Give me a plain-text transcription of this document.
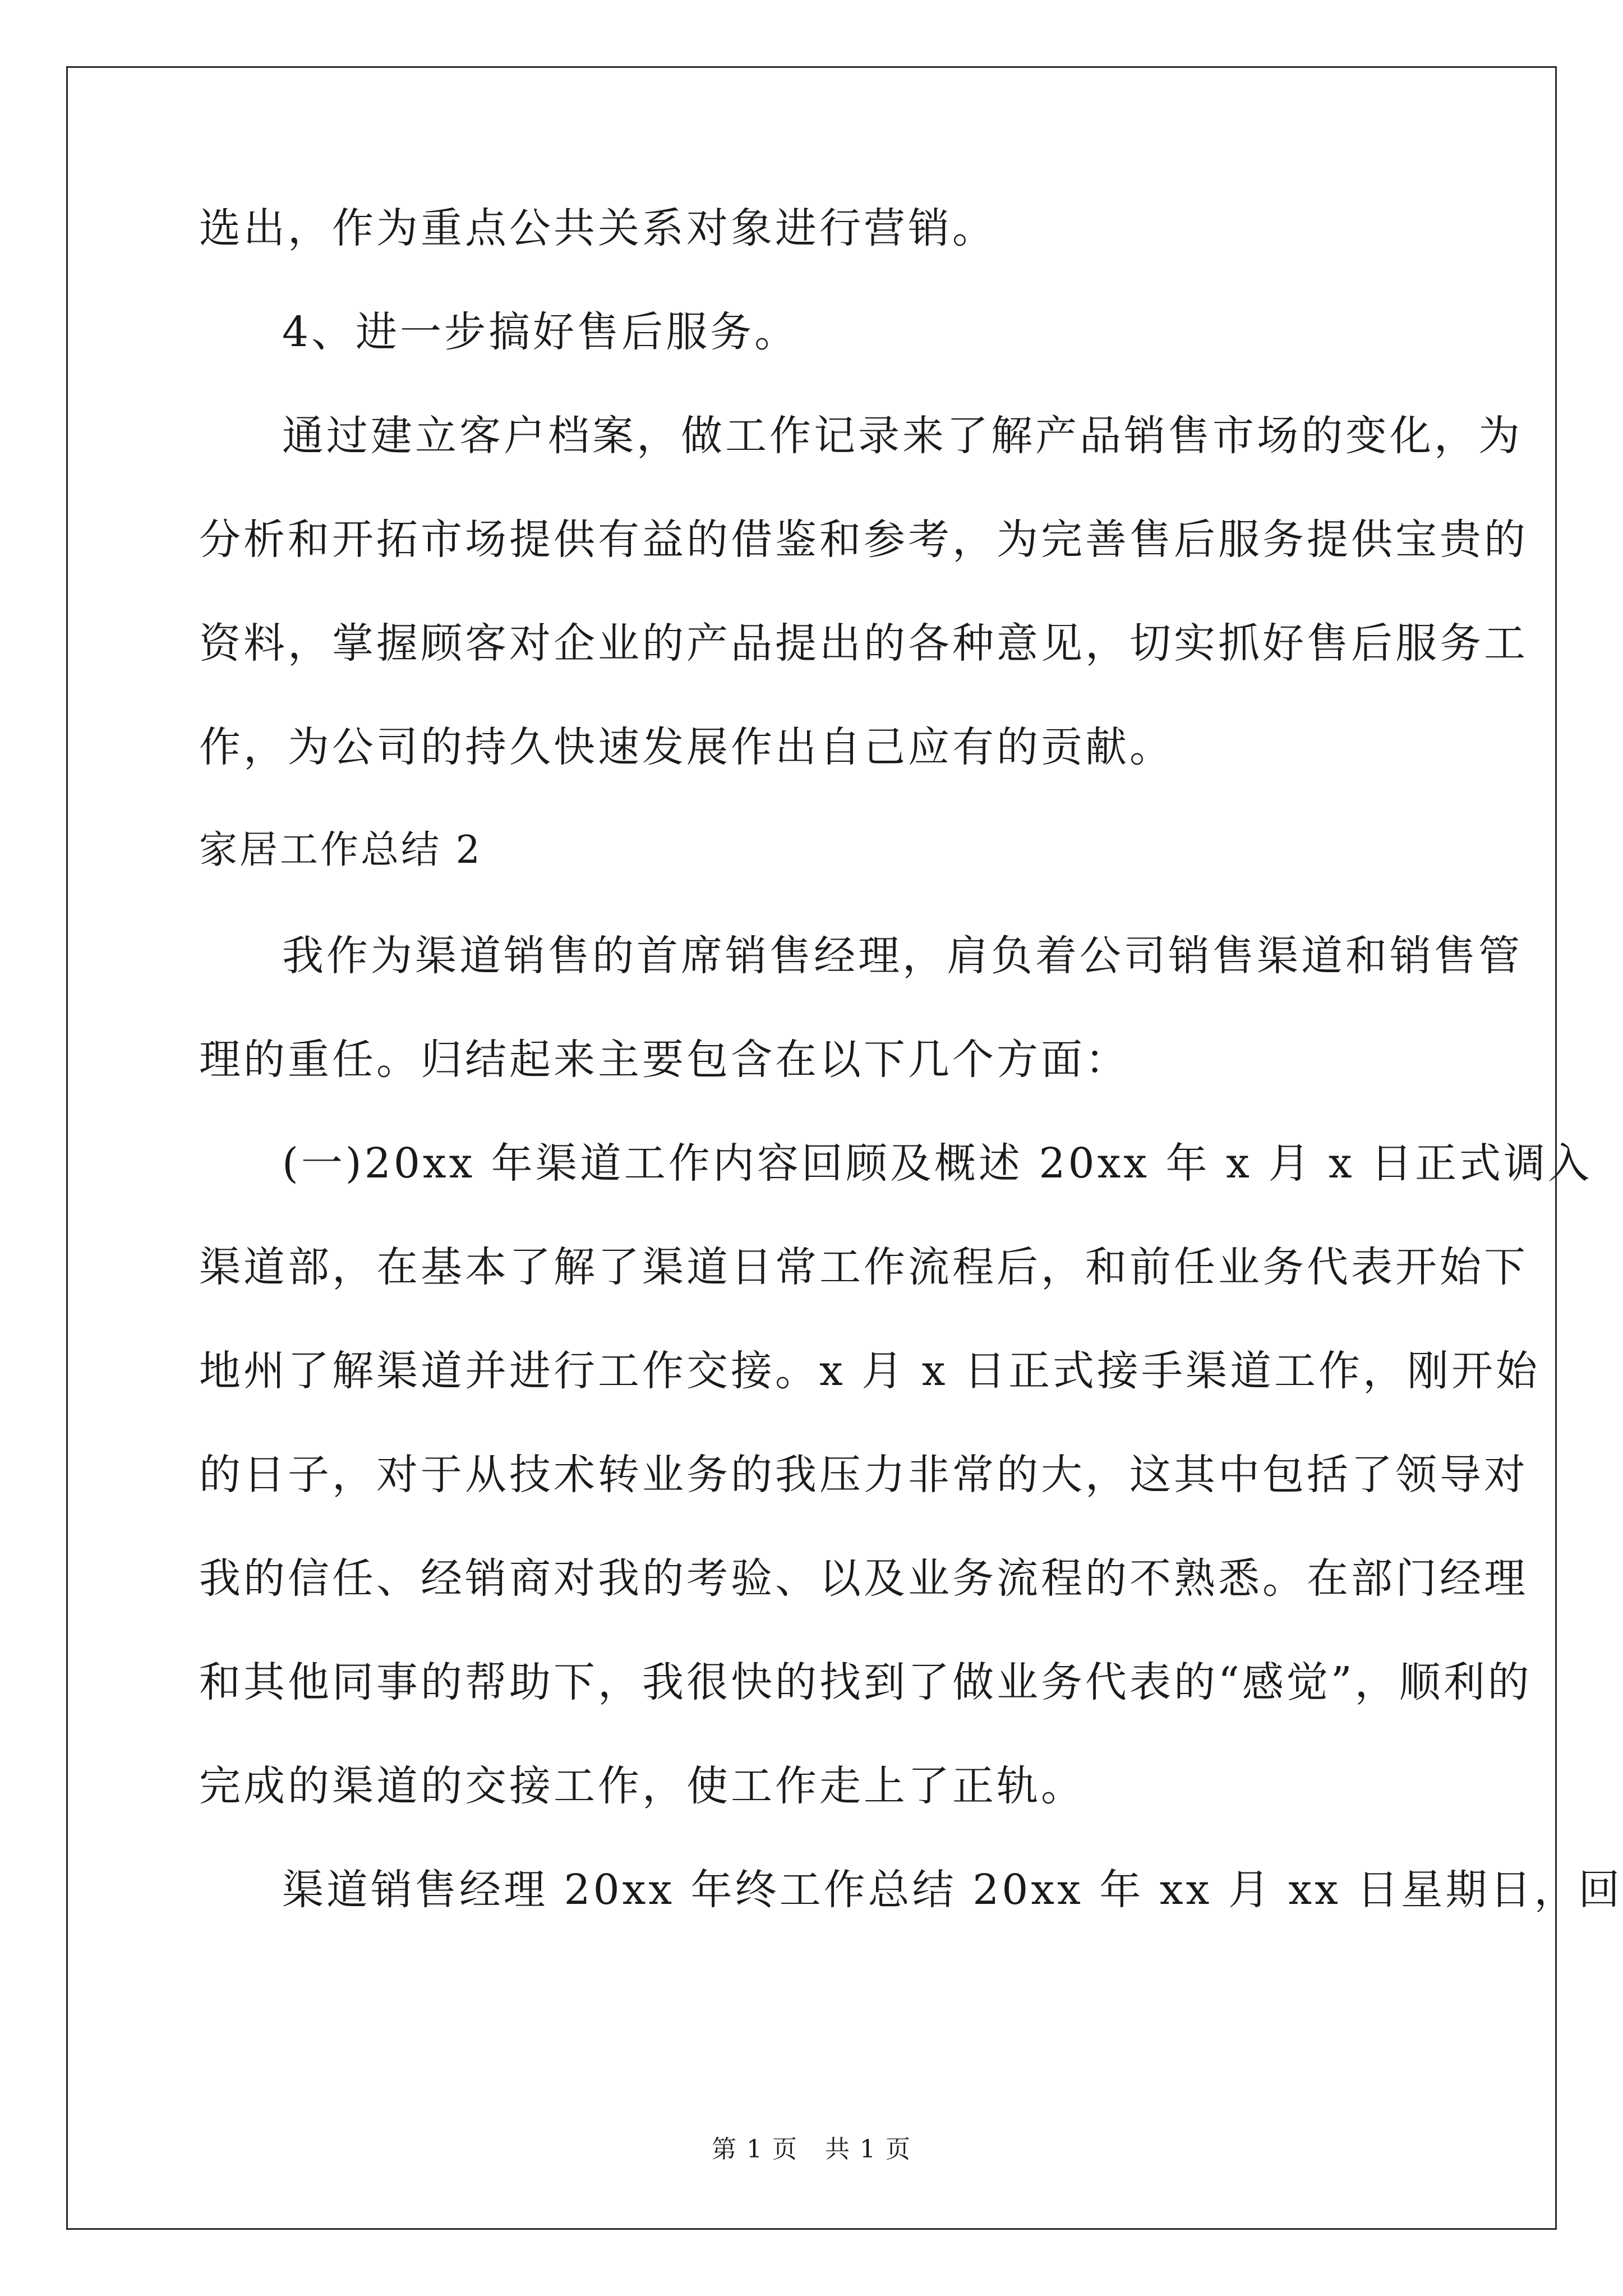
选出，作为重点公共关系对象进行营销。
4、进一步搞好售后服务。
通过建立客户档案，做工作记录来了解产品销售市场的变化，为
分析和开拓市场提供有益的借鉴和参考，为完善售后服务提供宝贵的
资料，掌握顾客对企业的产品提出的各种意见，切实抓好售后服务工
作，为公司的持久快速发展作出自己应有的贡献。
家居工作总结 2
我作为渠道销售的首席销售经理，肩负着公司销售渠道和销售管
理的重任。归结起来主要包含在以下几个方面：
(一)20xx 年渠道工作内容回顾及概述 20xx 年 x 月 x 日正式调入
渠道部，在基本了解了渠道日常工作流程后，和前任业务代表开始下
地州了解渠道并进行工作交接。x 月 x 日正式接手渠道工作，刚开始
的日子，对于从技术转业务的我压力非常的大，这其中包括了领导对
我的信任、经销商对我的考验、以及业务流程的不熟悉。在部门经理
和其他同事的帮助下，我很快的找到了做业务代表的“感觉”，顺利的
完成的渠道的交接工作，使工作走上了正轨。
渠道销售经理 20xx 年终工作总结 20xx 年 xx 月 xx 日星期日，回
第 1 页   共 1 页
